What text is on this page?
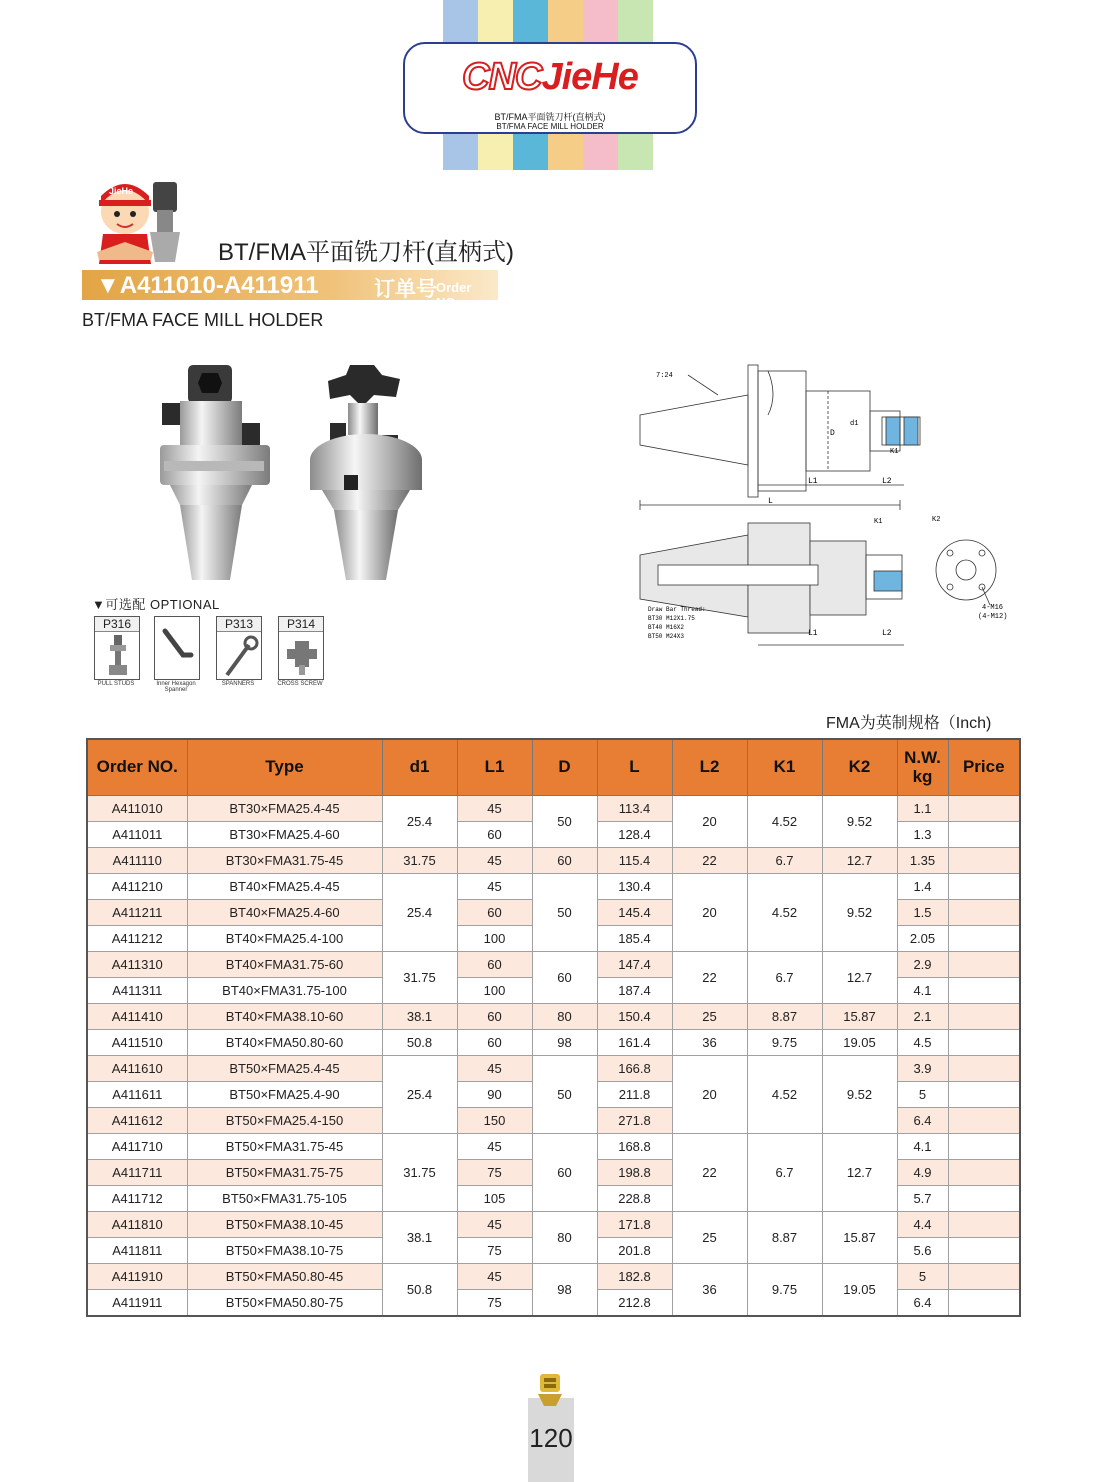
CNCJieHe
BT/FMA平面铣刀杆(直柄式)
BT/FMA FACE MILL HOLDER
JieHe
BT/FMA平面铣刀杆(直柄式)
▼A411010-A411911	订单号 Order NO.
BT/FMA FACE MILL HOLDER
▼可选配 OPTIONAL
P316
PULL STUDS	Inner Hexagon Spanner
P313
SPANNERS
P314
CROSS SCREW
7:24
L
L1	L2
D
d1
K1
Draw Bar Thread:
BT30 M12X1.75
BT40 M16X2
BT50 M24X3	L1	L2
K1	K2
4-M16
(4-M12)
FMA为英制规格（Inch)
Order NO.	Type	d1	L1	D	L	L2	K1	K2	N.W.
kg	Price
A411010	BT30×FMA25.4-45	25.4	45	50	113.4	20	4.52	9.52	1.1	
A411011	BT30×FMA25.4-60		60		128.4				1.3	
A411110	BT30×FMA31.75-45	31.75	45	60	115.4	22	6.7	12.7	1.35	
A411210	BT40×FMA25.4-45	25.4	45	50	130.4	20	4.52	9.52	1.4	
A411211	BT40×FMA25.4-60		60		145.4				1.5	
A411212	BT40×FMA25.4-100		100		185.4				2.05	
A411310	BT40×FMA31.75-60	31.75	60	60	147.4	22	6.7	12.7	2.9	
A411311	BT40×FMA31.75-100		100		187.4				4.1	
A411410	BT40×FMA38.10-60	38.1	60	80	150.4	25	8.87	15.87	2.1	
A411510	BT40×FMA50.80-60	50.8	60	98	161.4	36	9.75	19.05	4.5	
A411610	BT50×FMA25.4-45	25.4	45	50	166.8	20	4.52	9.52	3.9	
A411611	BT50×FMA25.4-90		90		211.8				5	
A411612	BT50×FMA25.4-150		150		271.8				6.4	
A411710	BT50×FMA31.75-45	31.75	45	60	168.8	22	6.7	12.7	4.1	
A411711	BT50×FMA31.75-75		75		198.8				4.9	
A411712	BT50×FMA31.75-105		105		228.8				5.7	
A411810	BT50×FMA38.10-45	38.1	45	80	171.8	25	8.87	15.87	4.4	
A411811	BT50×FMA38.10-75		75		201.8				5.6	
A411910	BT50×FMA50.80-45	50.8	45	98	182.8	36	9.75	19.05	5	
A411911	BT50×FMA50.80-75		75		212.8				6.4	
120
